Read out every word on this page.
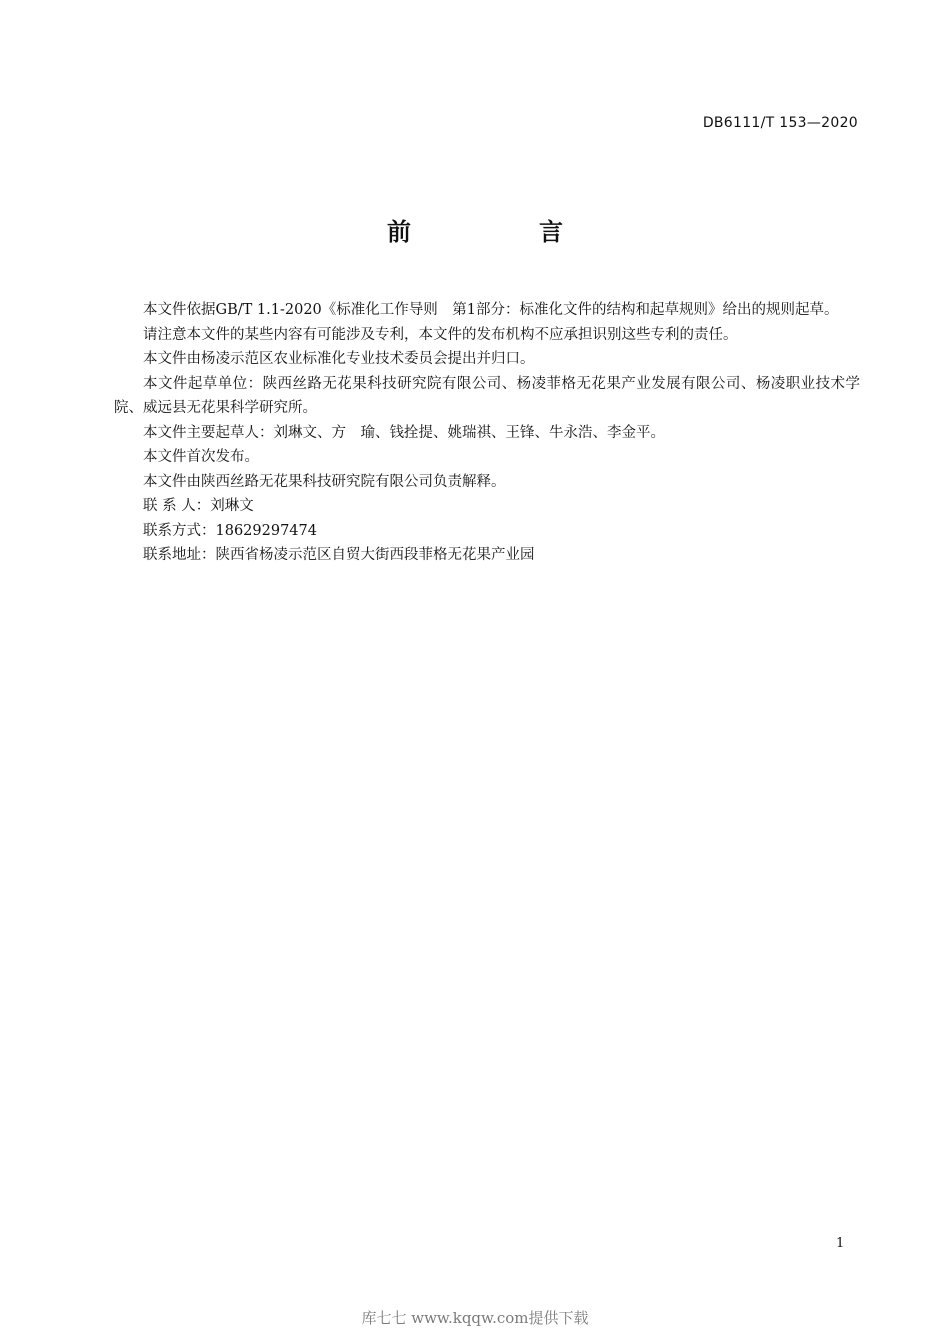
DB6111/T 153—2020
前　言

本文件依据GB/T 1.1-2020《标准化工作导则　第1部分：标准化文件的结构和起草规则》给出的规则起草。

请注意本文件的某些内容有可能涉及专利，本文件的发布机构不应承担识别这些专利的责任。

本文件由杨凌示范区农业标准化专业技术委员会提出并归口。

本文件起草单位：陕西丝路无花果科技研究院有限公司、杨凌菲格无花果产业发展有限公司、杨凌职业技术学院、威远县无花果科学研究所。

本文件主要起草人：刘琳文、方　瑜、钱拴提、姚瑞祺、王锋、牛永浩、李金平。

本文件首次发布。

本文件由陕西丝路无花果科技研究院有限公司负责解释。

联 系 人：刘琳文

联系方式：18629297474

联系地址：陕西省杨凌示范区自贸大街西段菲格无花果产业园

1
库七七 www.kqqw.com提供下载
